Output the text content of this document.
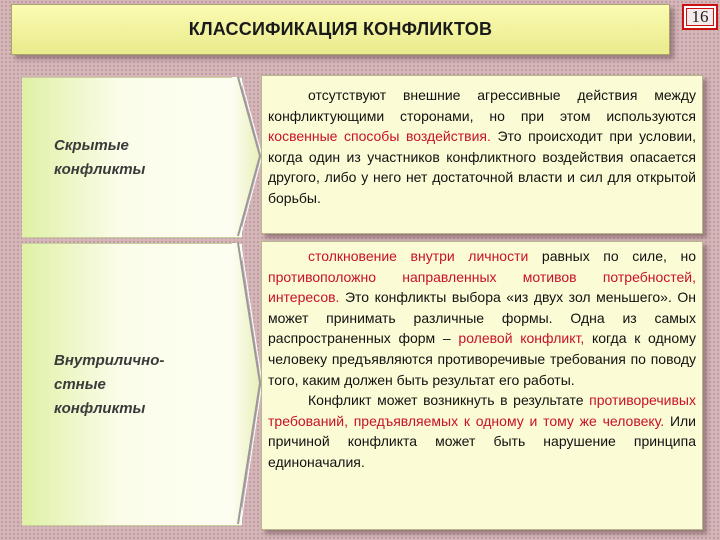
КЛАССИФИКАЦИЯ КОНФЛИКТОВ
16
Скрытые конфликты

отсутствуют внешние агрессивные действия между конфликтующими сторонами, но при этом используются косвенные способы воздействия. Это происходит при условии, когда один из участников конфликтного воздействия опасается другого, либо у него нет достаточной власти и сил для открытой борьбы.

Внутриличнo-
стные
конфликты

столкновение внутри личности равных по силе, но противоположно направленных мотивов потребностей, интересов. Это конфликты выбора «из двух зол меньшего». Он может принимать различные формы. Одна из самых распространенных форм – ролевой конфликт, когда к одному человеку предъявляются противоречивые требования по поводу того, каким должен быть результат его работы.

Конфликт может возникнуть в результате противоречивых требований, предъявляемых к одному и тому же человеку. Или причиной конфликта может быть нарушение принципа единоначалия.
